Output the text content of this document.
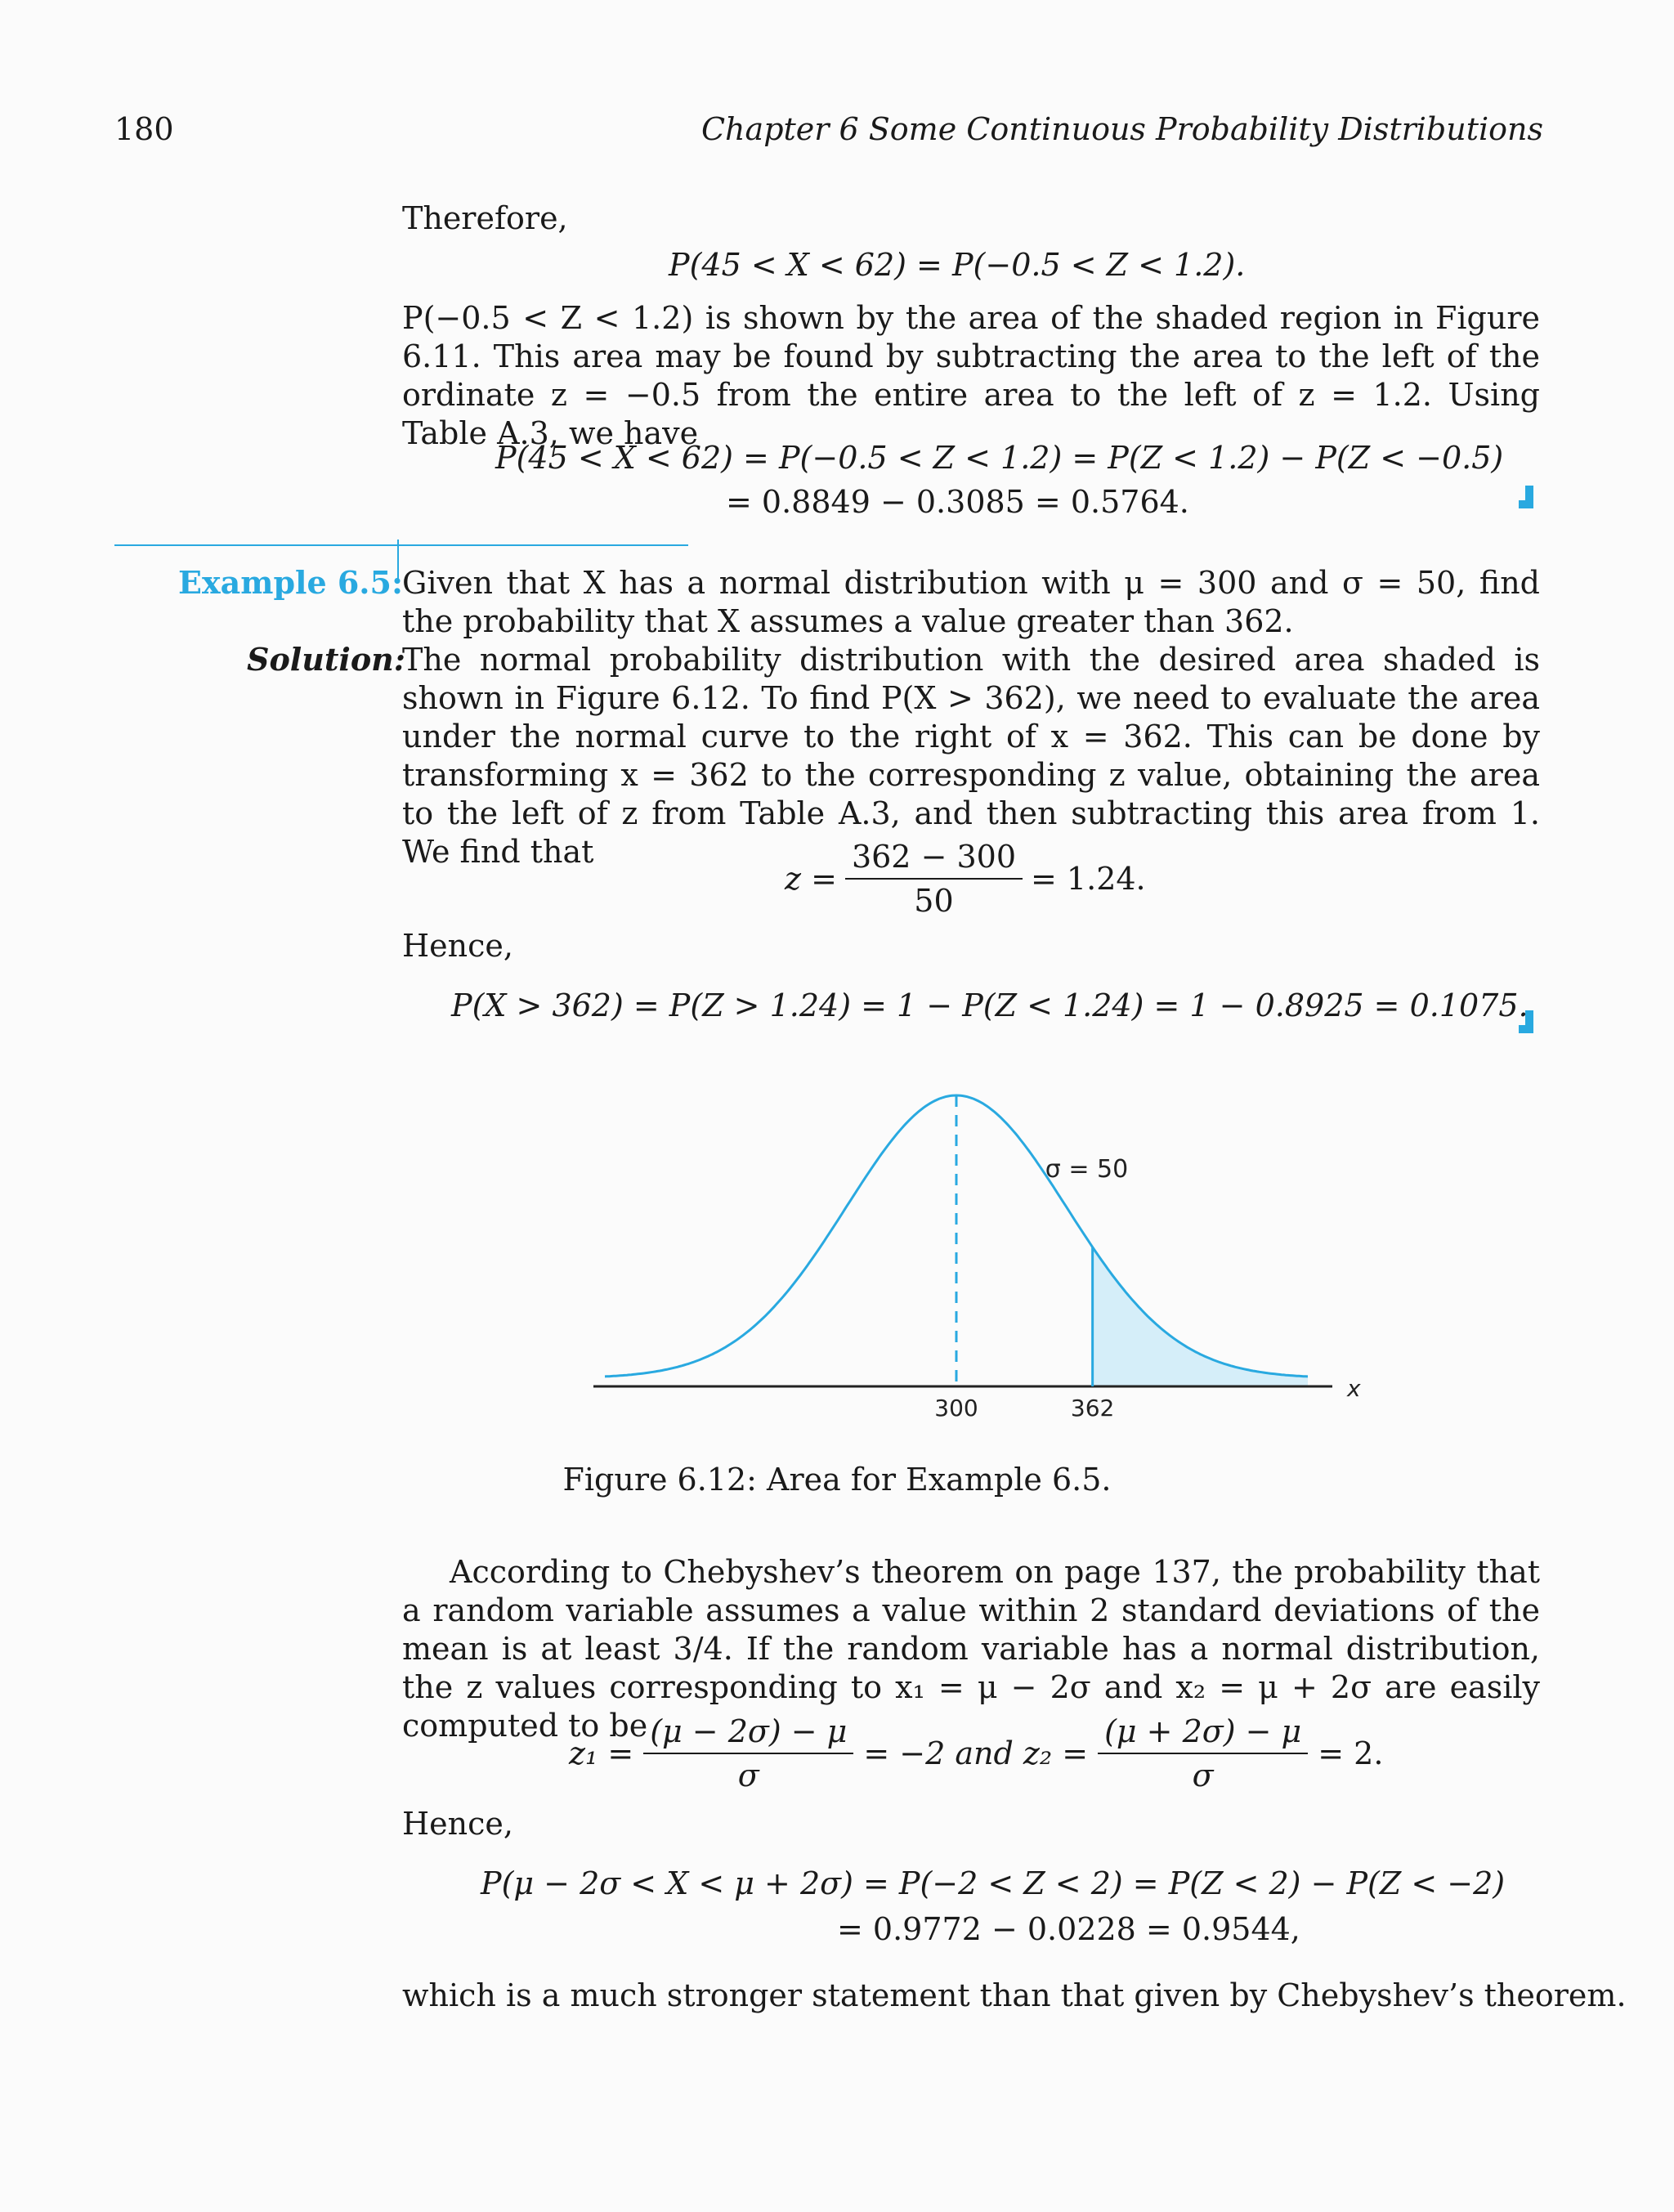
180	Chapter 6 Some Continuous Probability Distributions
Therefore,
P(45 < X < 62) = P(−0.5 < Z < 1.2).
P(−0.5 < Z < 1.2) is shown by the area of the shaded region in Figure 6.11. This area may be found by subtracting the area to the left of the ordinate z = −0.5 from the entire area to the left of z = 1.2. Using Table A.3, we have
P(45 < X < 62) = P(−0.5 < Z < 1.2) = P(Z < 1.2) − P(Z < −0.5)
= 0.8849 − 0.3085 = 0.5764.
Example 6.5: Given that X has a normal distribution with μ = 300 and σ = 50, find the probability that X assumes a value greater than 362.
Solution:
The normal probability distribution with the desired area shaded is shown in Figure 6.12. To find P(X > 362), we need to evaluate the area under the normal curve to the right of x = 362. This can be done by transforming x = 362 to the corresponding z value, obtaining the area to the left of z from Table A.3, and then subtracting this area from 1. We find that
$z = \frac{362 - 300}{50} = 1.24$.
Hence,
P(X > 362) = P(Z > 1.24) = 1 − P(Z < 1.24) = 1 − 0.8925 = 0.1075.
300	362
σ = 50
x
Figure 6.12: Area for Example 6.5.
According to Chebyshev’s theorem on page 137, the probability that a random variable assumes a value within 2 standard deviations of the mean is at least 3/4. If the random variable has a normal distribution, the z values corresponding to x₁ = μ − 2σ and x₂ = μ + 2σ are easily computed to be
$z_1 = \frac{(\mu - 2\sigma) - \mu}{\sigma} = -2$ and $z_2 = \frac{(\mu + 2\sigma) - \mu}{\sigma} = 2$.
Hence,
P(μ − 2σ < X < μ + 2σ) = P(−2 < Z < 2) = P(Z < 2) − P(Z < −2)
= 0.9772 − 0.0228 = 0.9544,
which is a much stronger statement than that given by Chebyshev’s theorem.
